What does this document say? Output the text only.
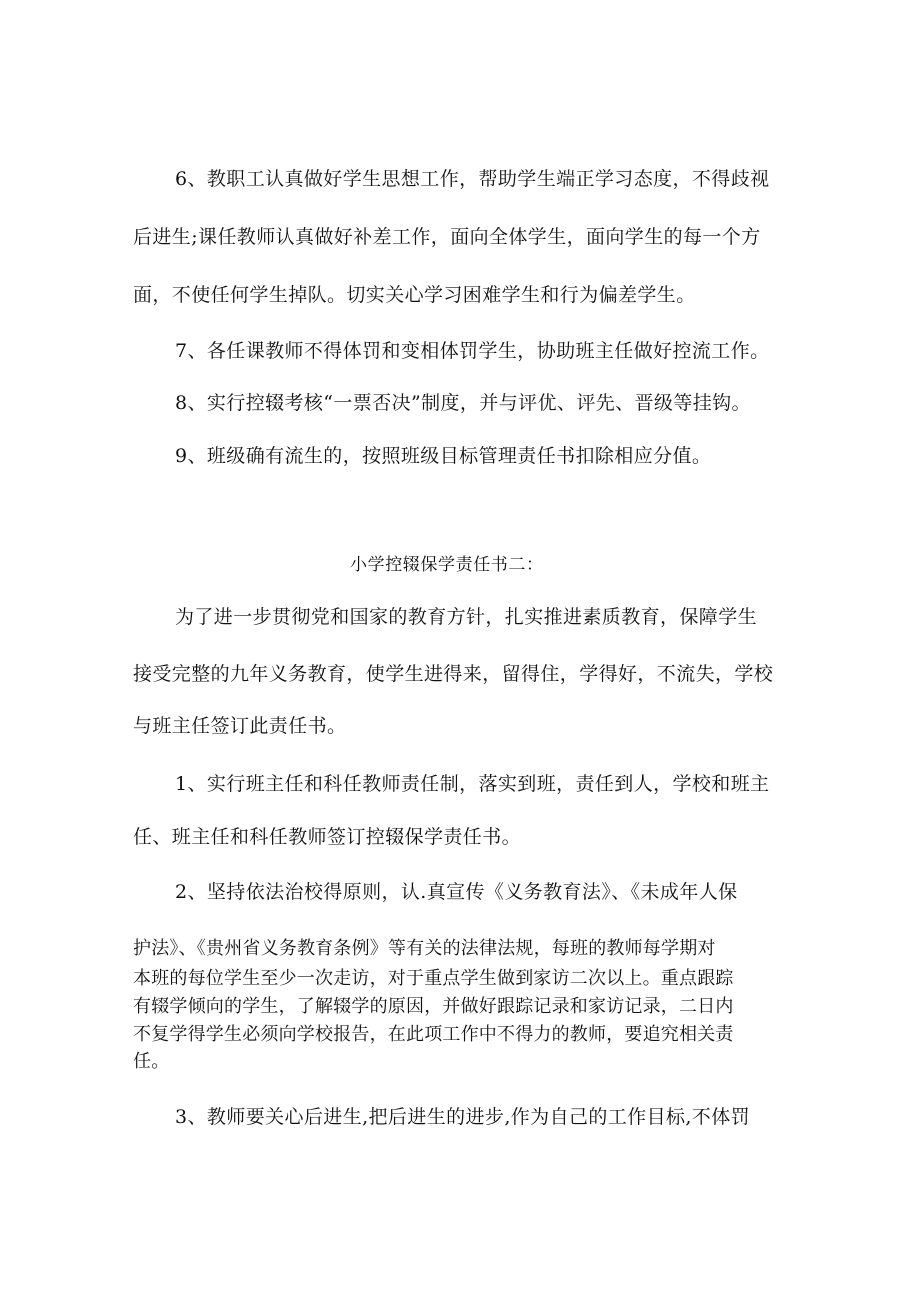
6、教职工认真做好学生思想工作，帮助学生端正学习态度，不得歧视

后进生;课任教师认真做好补差工作，面向全体学生，面向学生的每一个方

面，不使任何学生掉队。切实关心学习困难学生和行为偏差学生。

7、各任课教师不得体罚和变相体罚学生，协助班主任做好控流工作。

8、实行控辍考核“一票否决”制度，并与评优、评先、晋级等挂钩。

9、班级确有流生的，按照班级目标管理责任书扣除相应分值。

小学控辍保学责任书二：

为了进一步贯彻党和国家的教育方针，扎实推进素质教育，保障学生

接受完整的九年义务教育，使学生进得来，留得住，学得好，不流失，学校

与班主任签订此责任书。

1、实行班主任和科任教师责任制，落实到班，责任到人，学校和班主

任、班主任和科任教师签订控辍保学责任书。

2、坚持依法治校得原则，认.真宣传《义务教育法》、《未成年人保

护法》、《贵州省义务教育条例》等有关的法律法规，每班的教师每学期对

本班的每位学生至少一次走访，对于重点学生做到家访二次以上。重点跟踪

有辍学倾向的学生，了解辍学的原因，并做好跟踪记录和家访记录，二日内

不复学得学生必须向学校报告，在此项工作中不得力的教师，要追究相关责

任。

3、教师要关心后进生,把后进生的进步,作为自己的工作目标,不体罚
